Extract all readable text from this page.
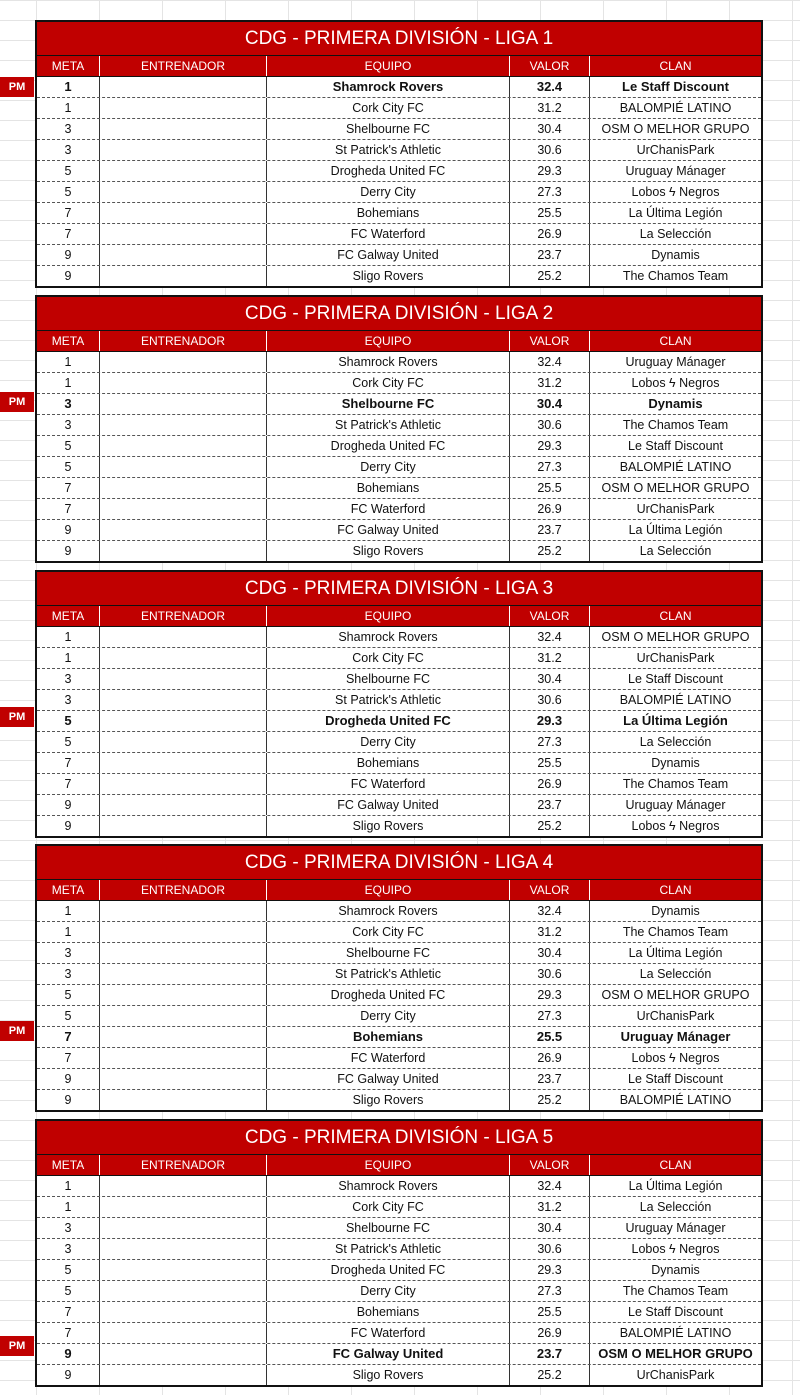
CDG - PRIMERA DIVISIÓN - LIGA 1
META	ENTRENADOR	EQUIPO	VALOR	CLAN
1	Shamrock Rovers	32.4	Le Staff Discount
1	Cork City FC	31.2	BALOMPIÉ LATINO
3	Shelbourne FC	30.4	OSM O MELHOR GRUPO
3	St Patrick's Athletic	30.6	UrChanisPark
5	Drogheda United FC	29.3	Uruguay Mánager
5	Derry City	27.3	Lobos ϟ Negros
7	Bohemians	25.5	La Última Legión
7	FC Waterford	26.9	La Selección
9	FC Galway United	23.7	Dynamis
9	Sligo Rovers	25.2	The Chamos Team
PM
CDG - PRIMERA DIVISIÓN - LIGA 2
META	ENTRENADOR	EQUIPO	VALOR	CLAN
1	Shamrock Rovers	32.4	Uruguay Mánager
1	Cork City FC	31.2	Lobos ϟ Negros
3	Shelbourne FC	30.4	Dynamis
3	St Patrick's Athletic	30.6	The Chamos Team
5	Drogheda United FC	29.3	Le Staff Discount
5	Derry City	27.3	BALOMPIÉ LATINO
7	Bohemians	25.5	OSM O MELHOR GRUPO
7	FC Waterford	26.9	UrChanisPark
9	FC Galway United	23.7	La Última Legión
9	Sligo Rovers	25.2	La Selección
PM
CDG - PRIMERA DIVISIÓN - LIGA 3
META	ENTRENADOR	EQUIPO	VALOR	CLAN
1	Shamrock Rovers	32.4	OSM O MELHOR GRUPO
1	Cork City FC	31.2	UrChanisPark
3	Shelbourne FC	30.4	Le Staff Discount
3	St Patrick's Athletic	30.6	BALOMPIÉ LATINO
5	Drogheda United FC	29.3	La Última Legión
5	Derry City	27.3	La Selección
7	Bohemians	25.5	Dynamis
7	FC Waterford	26.9	The Chamos Team
9	FC Galway United	23.7	Uruguay Mánager
9	Sligo Rovers	25.2	Lobos ϟ Negros
PM
CDG - PRIMERA DIVISIÓN - LIGA 4
META	ENTRENADOR	EQUIPO	VALOR	CLAN
1	Shamrock Rovers	32.4	Dynamis
1	Cork City FC	31.2	The Chamos Team
3	Shelbourne FC	30.4	La Última Legión
3	St Patrick's Athletic	30.6	La Selección
5	Drogheda United FC	29.3	OSM O MELHOR GRUPO
5	Derry City	27.3	UrChanisPark
7	Bohemians	25.5	Uruguay Mánager
7	FC Waterford	26.9	Lobos ϟ Negros
9	FC Galway United	23.7	Le Staff Discount
9	Sligo Rovers	25.2	BALOMPIÉ LATINO
PM
CDG - PRIMERA DIVISIÓN - LIGA 5
META	ENTRENADOR	EQUIPO	VALOR	CLAN
1	Shamrock Rovers	32.4	La Última Legión
1	Cork City FC	31.2	La Selección
3	Shelbourne FC	30.4	Uruguay Mánager
3	St Patrick's Athletic	30.6	Lobos ϟ Negros
5	Drogheda United FC	29.3	Dynamis
5	Derry City	27.3	The Chamos Team
7	Bohemians	25.5	Le Staff Discount
7	FC Waterford	26.9	BALOMPIÉ LATINO
9	FC Galway United	23.7	OSM O MELHOR GRUPO
9	Sligo Rovers	25.2	UrChanisPark
PM
